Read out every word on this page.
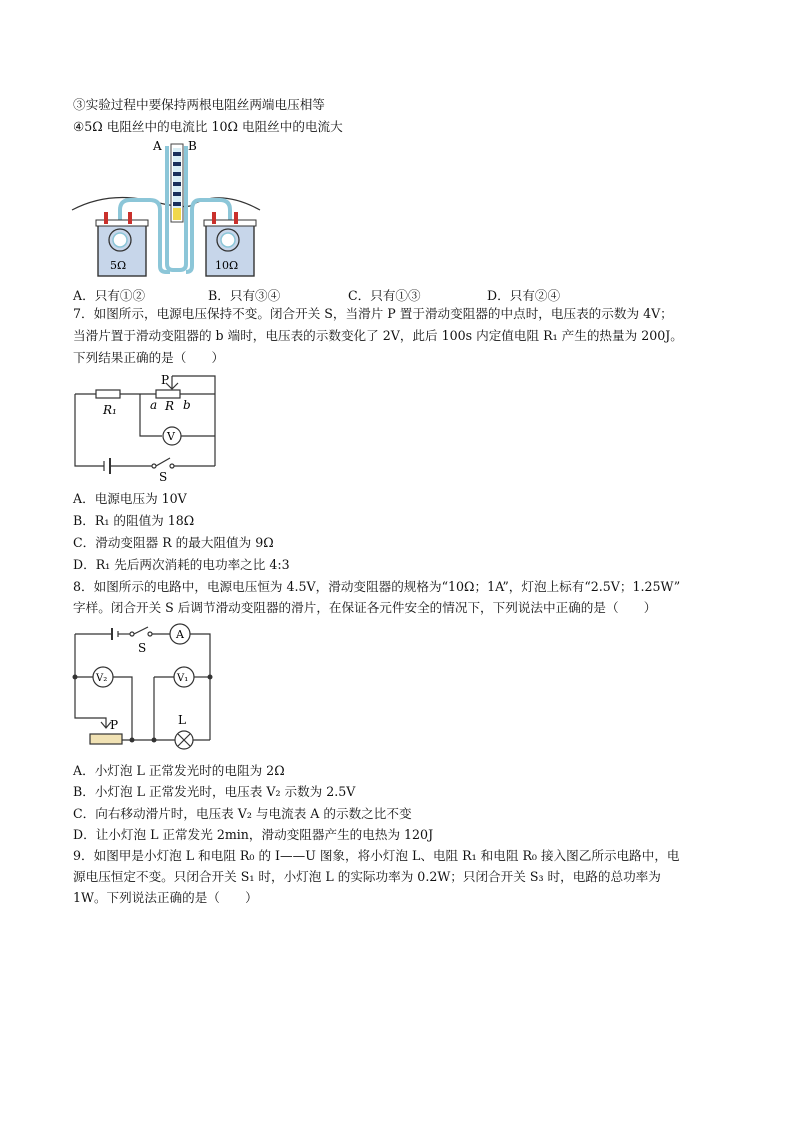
③实验过程中要保持两根电阻丝两端电压相等
④5Ω 电阻丝中的电流比 10Ω 电阻丝中的电流大
A B
5Ω	10Ω
A．只有①②	B．只有③④	C．只有①③	D．只有②④
7．如图所示，电源电压保持不变。闭合开关 S，当滑片 P 置于滑动变阻器的中点时，电压表的示数为 4V；
当滑片置于滑动变阻器的 b 端时，电压表的示数变化了 2V，此后 100s 内定值电阻 R₁ 产生的热量为 200J。
下列结果正确的是（　　）
P
R₁	a R b
V
S
A．电源电压为 10V
B．R₁ 的阻值为 18Ω
C．滑动变阻器 R 的最大阻值为 9Ω
D．R₁ 先后两次消耗的电功率之比 4:3
8．如图所示的电路中，电源电压恒为 4.5V，滑动变阻器的规格为“10Ω；1A”，灯泡上标有“2.5V；1.25W”
字样。闭合开关 S 后调节滑动变阻器的滑片，在保证各元件安全的情况下，下列说法中正确的是（　　）
S
A
V₂	V₁
P	L
A．小灯泡 L 正常发光时的电阻为 2Ω
B．小灯泡 L 正常发光时，电压表 V₂ 示数为 2.5V
C．向右移动滑片时，电压表 V₂ 与电流表 A 的示数之比不变
D．让小灯泡 L 正常发光 2min，滑动变阻器产生的电热为 120J
9．如图甲是小灯泡 L 和电阻 R₀ 的 I——U 图象，将小灯泡 L、电阻 R₁ 和电阻 R₀ 接入图乙所示电路中，电
源电压恒定不变。只闭合开关 S₁ 时，小灯泡 L 的实际功率为 0.2W；只闭合开关 S₃ 时，电路的总功率为
1W。下列说法正确的是（　　）
